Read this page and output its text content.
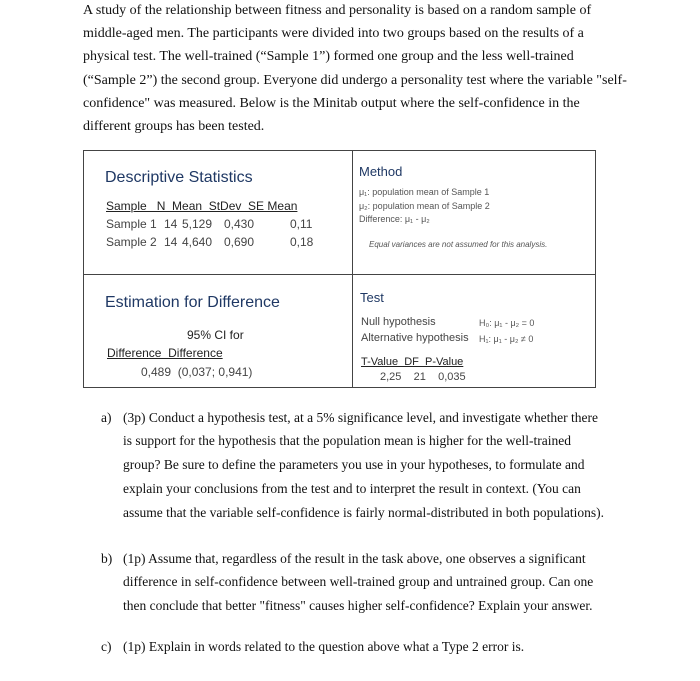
A study of the relationship between fitness and personality is based on a random sample of
middle-aged men. The participants were divided into two groups based on the results of a
physical test. The well-trained (“Sample 1”) formed one group and the less well-trained
(“Sample 2”) the second group. Everyone did undergo a personality test where the variable "self-
confidence" was measured. Below is the Minitab output where the self-confidence in the
different groups has been tested.
Descriptive Statistics
Sample   N  Mean  StDev  SE Mean
Sample 1 14 5,129 0,430	0,11
Sample 2 14 4,640 0,690	0,18
Method
μ₁: population mean of Sample 1
μ₂: population mean of Sample 2
Difference: μ₁ - μ₂
Equal variances are not assumed for this analysis.
Estimation for Difference
95% CI for
Difference  Difference
0,489  (0,037; 0,941)
Test
Null hypothesis	H₀: μ₁ - μ₂ = 0
Alternative hypothesis H₁: μ₁ - μ₂ ≠ 0
T-Value  DF  P-Value
2,25    21    0,035
a) (3p) Conduct a hypothesis test, at a 5% significance level, and investigate whether there
is support for the hypothesis that the population mean is higher for the well-trained
group? Be sure to define the parameters you use in your hypotheses, to formulate and
explain your conclusions from the test and to interpret the result in context. (You can
assume that the variable self-confidence is fairly normal-distributed in both populations).
b) (1p) Assume that, regardless of the result in the task above, one observes a significant
difference in self-confidence between well-trained group and untrained group. Can one
then conclude that better "fitness" causes higher self-confidence? Explain your answer.
c) (1p) Explain in words related to the question above what a Type 2 error is.
